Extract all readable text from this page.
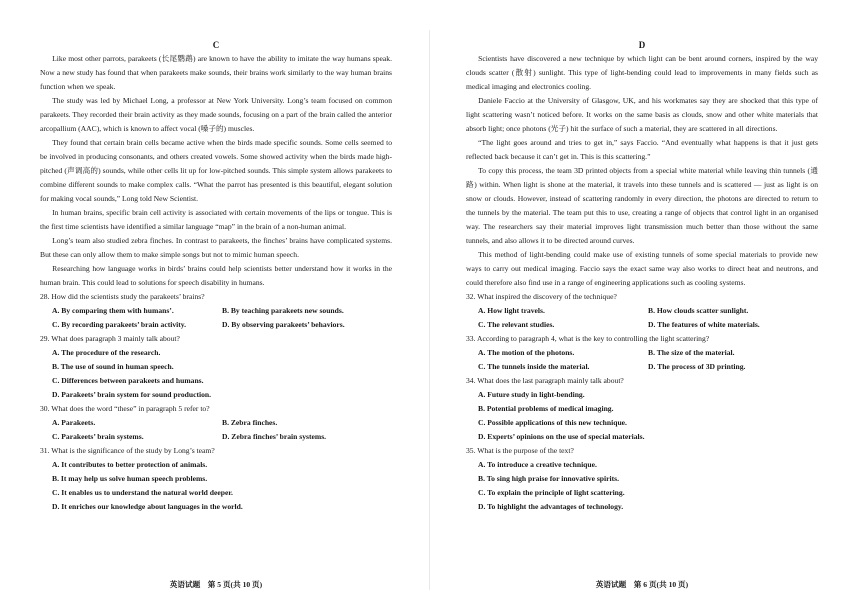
C

Like most other parrots, parakeets (长尾鹦鹉) are known to have the ability to imitate the way humans speak. Now a new study has found that when parakeets make sounds, their brains work similarly to the way human brains function when we speak.

The study was led by Michael Long, a professor at New York University. Long’s team focused on common parakeets. They recorded their brain activity as they made sounds, focusing on a part of the brain called the anterior arcopallium (AAC), which is known to affect vocal (嗓子的) muscles.

They found that certain brain cells became active when the birds made specific sounds. Some cells seemed to be involved in producing consonants, and others created vowels. Some showed activity when the birds made high-pitched (声调高的) sounds, while other cells lit up for low-pitched sounds. This simple system allows parakeets to combine different sounds to make complex calls. “What the parrot has presented is this beautiful, elegant solution for making vocal sounds,” Long told New Scientist.

In human brains, specific brain cell activity is associated with certain movements of the lips or tongue. This is the first time scientists have identified a similar language “map” in the brain of a non-human animal.

Long’s team also studied zebra finches. In contrast to parakeets, the finches’ brains have complicated systems. But these can only allow them to make simple songs but not to mimic human speech.

Researching how language works in birds’ brains could help scientists better understand how it works in the human brain. This could lead to solutions for speech disability in humans.

28. How did the scientists study the parakeets’ brains?
A. By comparing them with humans’.	B. By teaching parakeets new sounds.
C. By recording parakeets’ brain activity.	D. By observing parakeets’ behaviors.
29. What does paragraph 3 mainly talk about?
A. The procedure of the research.
B. The use of sound in human speech.
C. Differences between parakeets and humans.
D. Parakeets’ brain system for sound production.
30. What does the word “these” in paragraph 5 refer to?
A. Parakeets.	B. Zebra finches.
C. Parakeets’ brain systems.	D. Zebra finches’ brain systems.
31. What is the significance of the study by Long’s team?
A. It contributes to better protection of animals.
B. It may help us solve human speech problems.
C. It enables us to understand the natural world deeper.
D. It enriches our knowledge about languages in the world.
D

Scientists have discovered a new technique by which light can be bent around corners, inspired by the way clouds scatter (散射) sunlight. This type of light-bending could lead to improvements in many fields such as medical imaging and electronics cooling.

Daniele Faccio at the University of Glasgow, UK, and his workmates say they are shocked that this type of light scattering wasn’t noticed before. It works on the same basis as clouds, snow and other white materials that absorb light; once photons (光子) hit the surface of such a material, they are scattered in all directions.

“The light goes around and tries to get in,” says Faccio. “And eventually what happens is that it just gets reflected back because it can’t get in. This is this scattering.”

To copy this process, the team 3D printed objects from a special white material while leaving thin tunnels (通路) within. When light is shone at the material, it travels into these tunnels and is scattered — just as light is on snow or clouds. However, instead of scattering randomly in every direction, the photons are directed to return to the tunnels by the material. The team put this to use, creating a range of objects that control light in an organised way. The researchers say their material improves light transmission much better than those without the same tunnels, and also allows it to be directed around curves.

This method of light-bending could make use of existing tunnels of some special materials to provide new ways to carry out medical imaging. Faccio says the exact same way also works to direct heat and neutrons, and could therefore also find use in a range of engineering applications such as cooling systems.

32. What inspired the discovery of the technique?
A. How light travels.	B. How clouds scatter sunlight.
C. The relevant studies.	D. The features of white materials.
33. According to paragraph 4, what is the key to controlling the light scattering?
A. The motion of the photons.	B. The size of the material.
C. The tunnels inside the material.	D. The process of 3D printing.
34. What does the last paragraph mainly talk about?
A. Future study in light-bending.
B. Potential problems of medical imaging.
C. Possible applications of this new technique.
D. Experts’ opinions on the use of special materials.
35. What is the purpose of the text?
A. To introduce a creative technique.
B. To sing high praise for innovative spirits.
C. To explain the principle of light scattering.
D. To highlight the advantages of technology.
英语试题　第 5 页(共 10 页)	英语试题　第 6 页(共 10 页)
